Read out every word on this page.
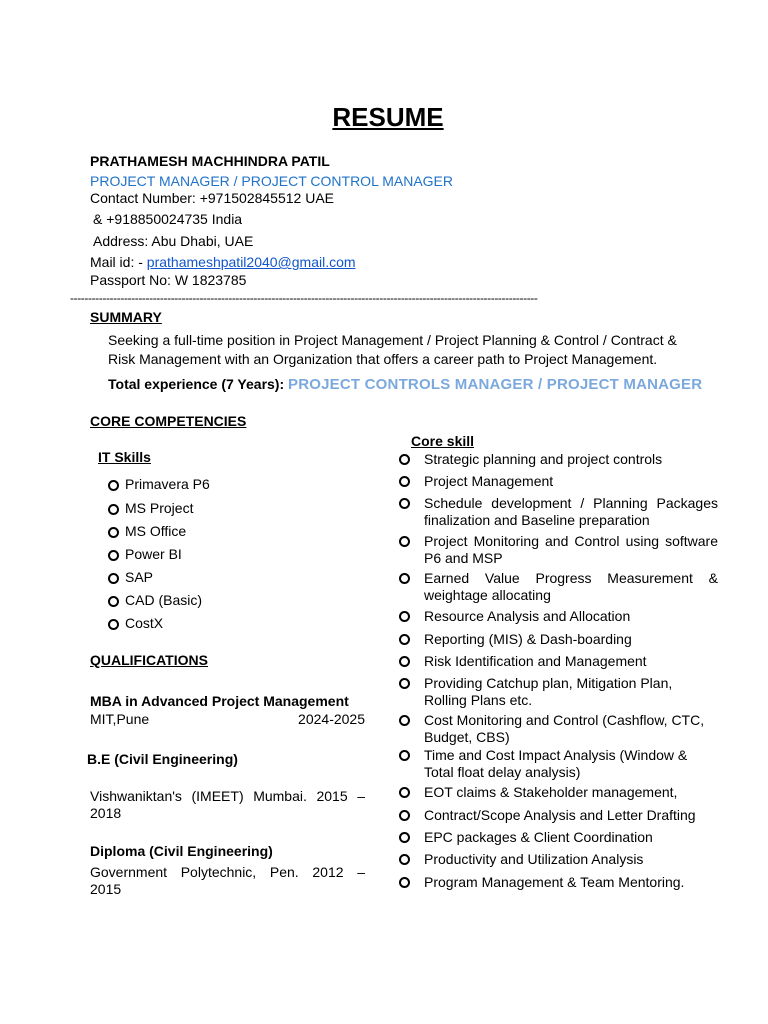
RESUME
PRATHAMESH MACHHINDRA PATIL
PROJECT MANAGER / PROJECT CONTROL MANAGER
Contact Number: +971502845512 UAE
& +918850024735 India
Address: Abu Dhabi, UAE
Mail id: - prathameshpatil2040@gmail.com
Passport No: W 1823785
----------------------------------------------------------------------------------------------------------------------------------
SUMMARY
Seeking a full-time position in Project Management / Project Planning & Control / Contract & Risk Management with an Organization that offers a career path to Project Management.
Total experience (7 Years): PROJECT CONTROLS MANAGER / PROJECT MANAGER
CORE COMPETENCIES
IT Skills
Primavera P6
MS Project
MS Office
Power BI
SAP
CAD (Basic)
CostX
Core skill
Strategic planning and project controls
Project Management
Schedule development / Planning Packages finalization and Baseline preparation
Project Monitoring and Control using software P6 and MSP
Earned Value Progress Measurement & weightage allocating
Resource Analysis and Allocation
Reporting (MIS) & Dash-boarding
Risk Identification and Management
Providing Catchup plan, Mitigation Plan, Rolling Plans etc.
Cost Monitoring and Control (Cashflow, CTC, Budget, CBS)
Time and Cost Impact Analysis (Window & Total float delay analysis)
EOT claims & Stakeholder management,
Contract/Scope Analysis and Letter Drafting
EPC packages & Client Coordination
Productivity and Utilization Analysis
Program Management & Team Mentoring.
QUALIFICATIONS
MBA in Advanced Project Management
MIT,Pune	2024-2025
B.E (Civil Engineering)
Vishwaniktan's (IMEET) Mumbai. 2015 – 2018
Diploma (Civil Engineering)
Government Polytechnic, Pen. 2012 – 2015
